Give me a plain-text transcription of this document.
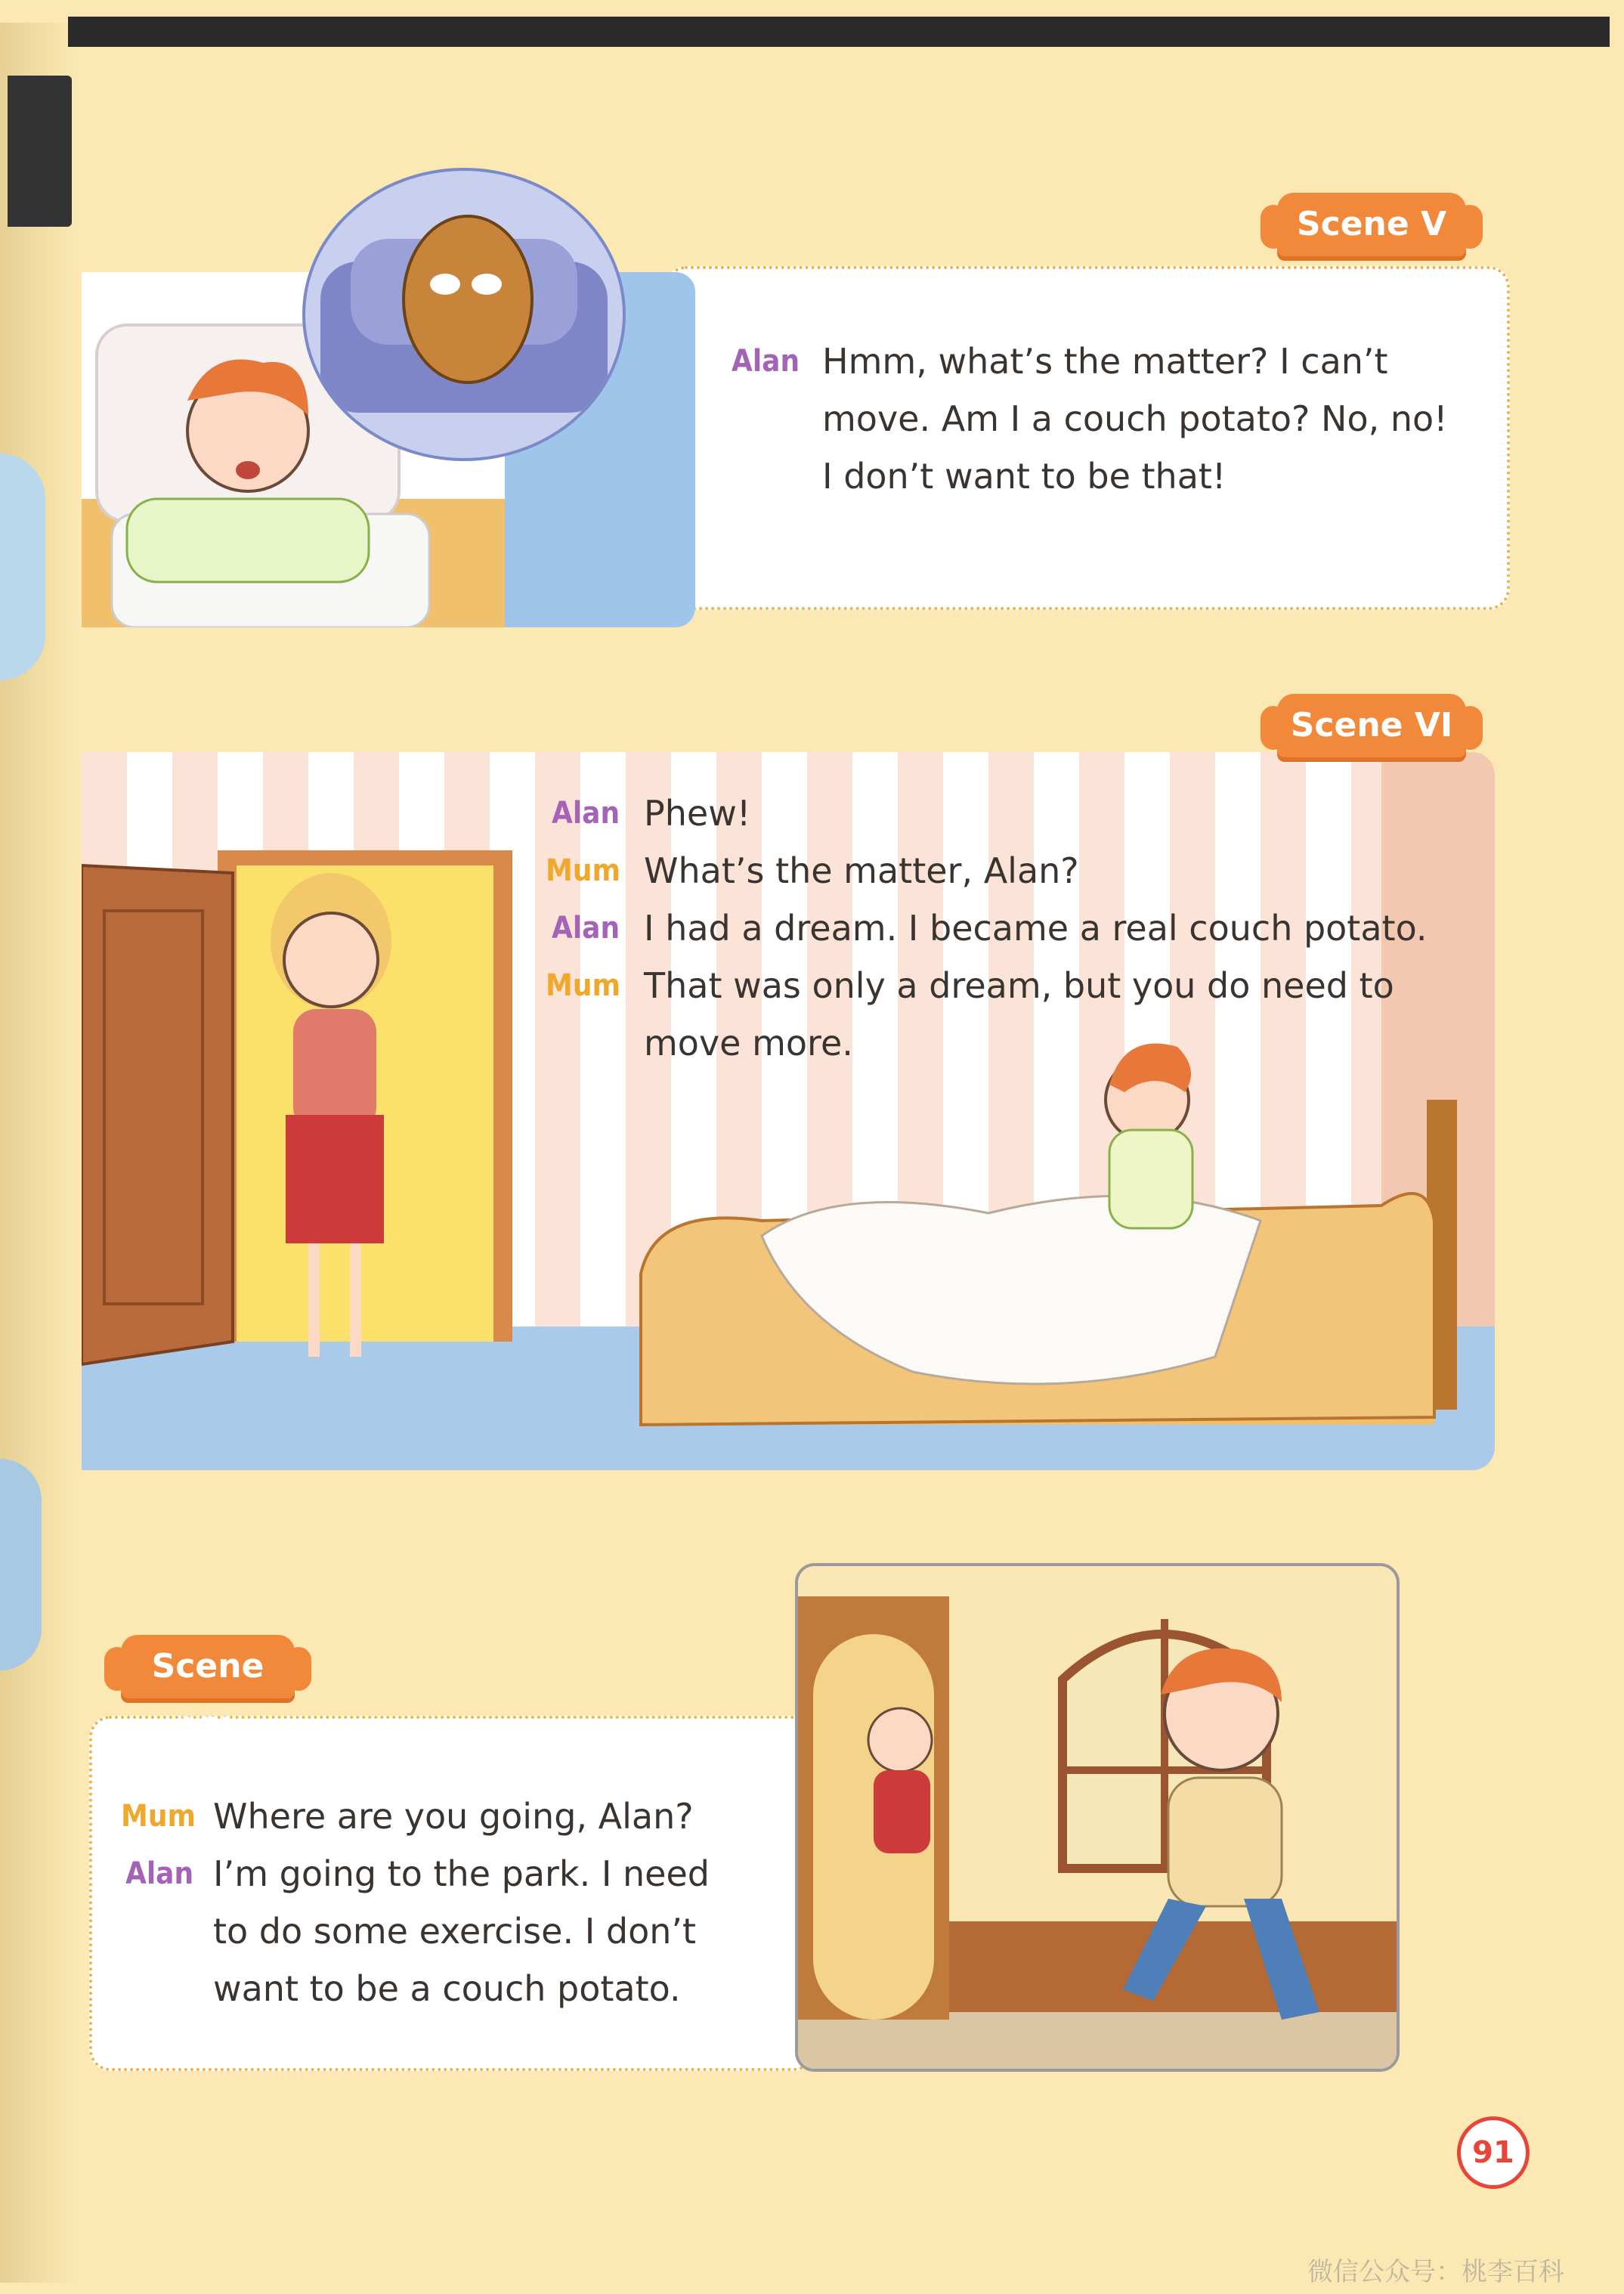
Scene V
Alan Hmm, what’s the matter? I can’t
move. Am I a couch potato? No, no!
I don’t want to be that!
Scene VI
Alan Phew!
Mum What’s the matter, Alan?
Alan I had a dream. I became a real couch potato.
Mum That was only a dream, but you do need to
move more.
Scene VII
Mum Where are you going, Alan?
Alan I’m going to the park. I need
to do some exercise. I don’t
want to be a couch potato.
91
微信公众号：桃李百科
